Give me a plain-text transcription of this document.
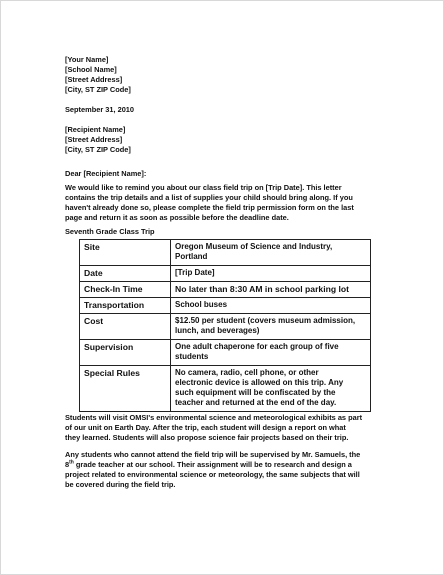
[Your Name]
[School Name]
[Street Address]
[City, ST ZIP Code]
September 31, 2010
[Recipient Name]
[Street Address]
[City, ST ZIP Code]
Dear [Recipient Name]:
We would like to remind you about our class field trip on [Trip Date]. This letter
contains the trip details and a list of supplies your child should bring along. If you
haven't already done so, please complete the field trip permission form on the last
page and return it as soon as possible before the deadline date.
Seventh Grade Class Trip
Site	Oregon Museum of Science and Industry,
Portland

Date	[Trip Date]

Check-In Time	No later than 8:30 AM in school parking lot

Transportation	School buses

Cost	$12.50 per student (covers museum admission,
lunch, and beverages)

Supervision	One adult chaperone for each group of five
students

Special Rules	No camera, radio, cell phone, or other
electronic device is allowed on this trip. Any
such equipment will be confiscated by the
teacher and returned at the end of the day.
Students will visit OMSI's environmental science and meteorological exhibits as part
of our unit on Earth Day. After the trip, each student will design a report on what
they learned. Students will also propose science fair projects based on their trip.
Any students who cannot attend the field trip will be supervised by Mr. Samuels, the
8th grade teacher at our school. Their assignment will be to research and design a
project related to environmental science or meteorology, the same subjects that will
be covered during the field trip.
